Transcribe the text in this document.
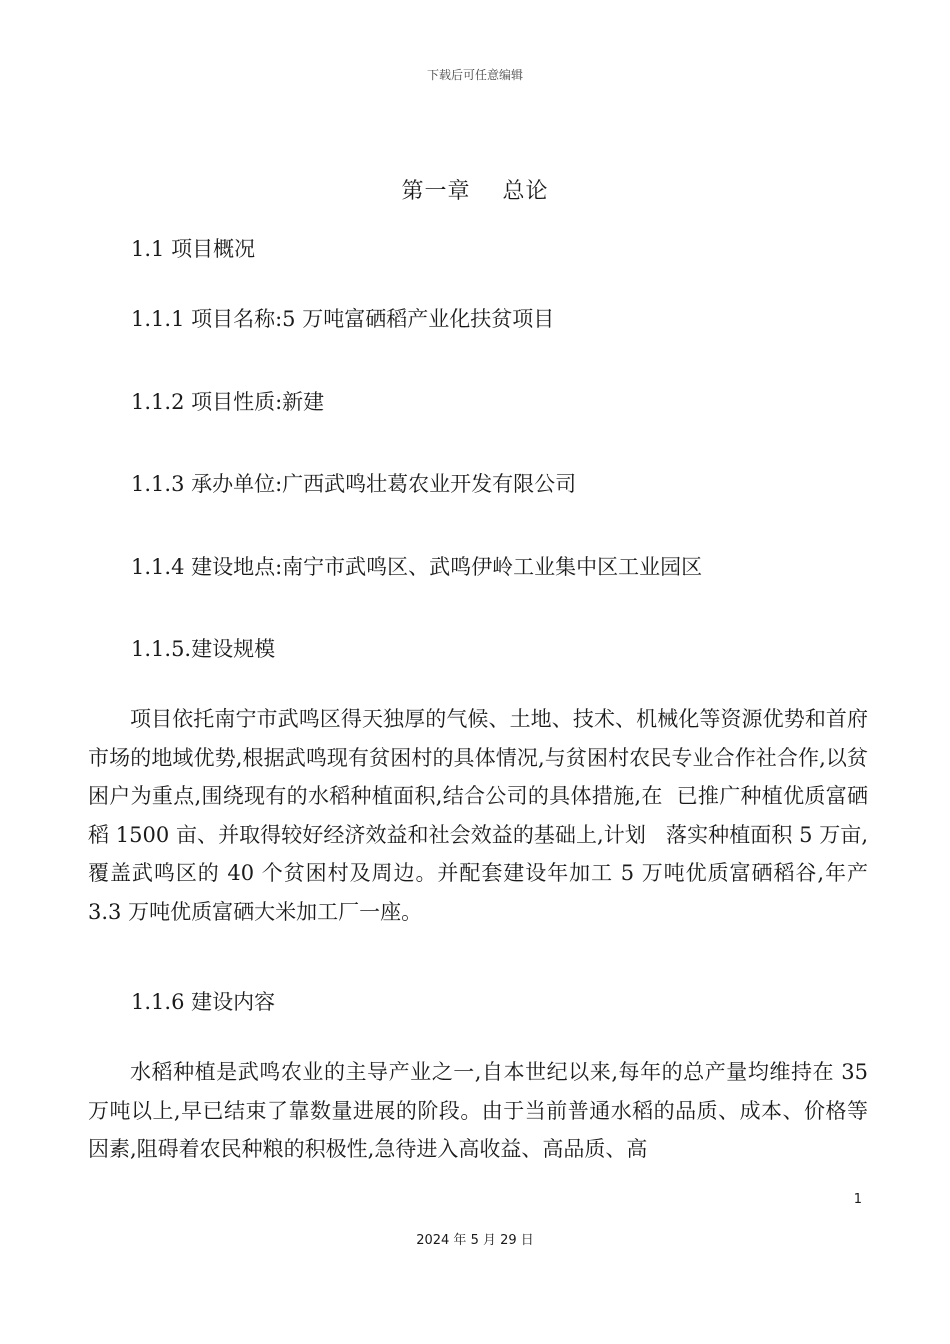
下载后可任意编辑
第一章    总论
1.1 项目概况
1.1.1 项目名称:5 万吨富硒稻产业化扶贫项目
1.1.2 项目性质:新建
1.1.3 承办单位:广西武鸣壮葛农业开发有限公司
1.1.4 建设地点:南宁市武鸣区、武鸣伊岭工业集中区工业园区
1.1.5.建设规模
项目依托南宁市武鸣区得天独厚的气候、土地、技术、机械化等资源优势和首府市场的地域优势,根据武鸣现有贫困村的具体情况,与贫困村农民专业合作社合作,以贫困户为重点,围绕现有的水稻种植面积,结合公司的具体措施,在  已推广种植优质富硒稻 1500 亩、并取得较好经济效益和社会效益的基础上,计划   落实种植面积 5 万亩,覆盖武鸣区的 40 个贫困村及周边。并配套建设年加工 5 万吨优质富硒稻谷,年产 3.3 万吨优质富硒大米加工厂一座。
1.1.6 建设内容
水稻种植是武鸣农业的主导产业之一,自本世纪以来,每年的总产量均维持在 35 万吨以上,早已结束了靠数量进展的阶段。由于当前普通水稻的品质、成本、价格等因素,阻碍着农民种粮的积极性,急待进入高收益、高品质、高
1
2024 年 5 月 29 日
